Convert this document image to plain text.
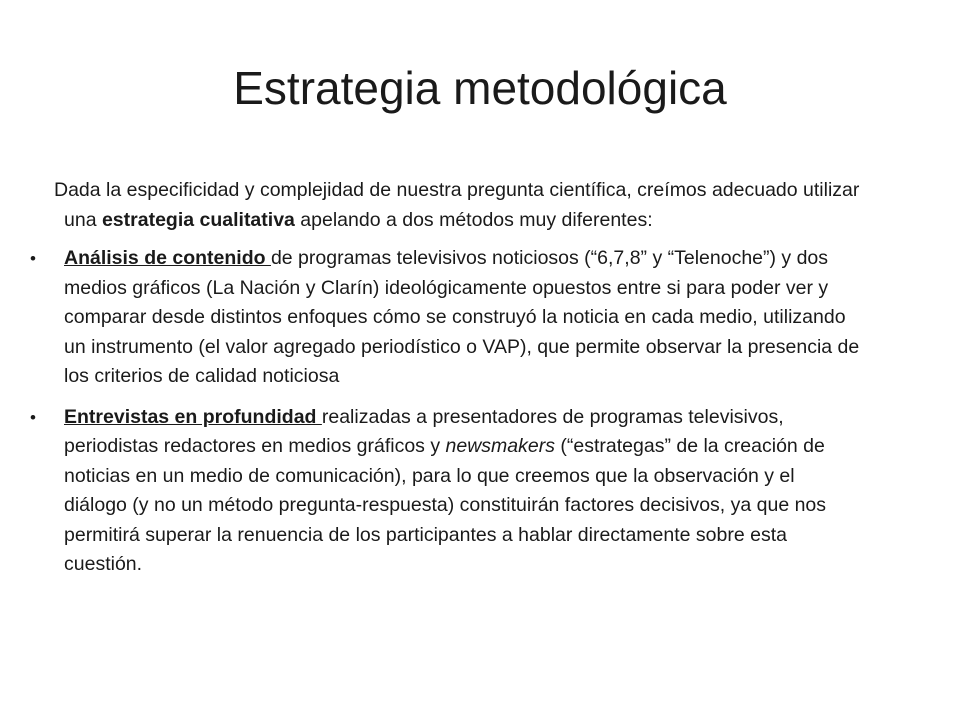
Estrategia metodológica

Dada la especificidad y complejidad de nuestra pregunta científica, creímos adecuado utilizar una estrategia cualitativa apelando a dos métodos muy diferentes:

•	Análisis de contenido de programas televisivos noticiosos (“6,7,8” y “Telenoche”) y dos medios gráficos (La Nación y Clarín) ideológicamente opuestos entre si para poder ver y comparar desde distintos enfoques cómo se construyó la noticia en cada medio, utilizando un instrumento (el valor agregado periodístico o VAP), que permite observar la presencia de los criterios de calidad noticiosa
•	Entrevistas en profundidad realizadas a presentadores de programas televisivos, periodistas redactores en medios gráficos y newsmakers (“estrategas” de la creación de noticias en un medio de comunicación), para lo que creemos que la observación y el diálogo (y no un método pregunta-respuesta) constituirán factores decisivos, ya que nos permitirá superar la renuencia de los participantes a hablar directamente sobre esta cuestión.
